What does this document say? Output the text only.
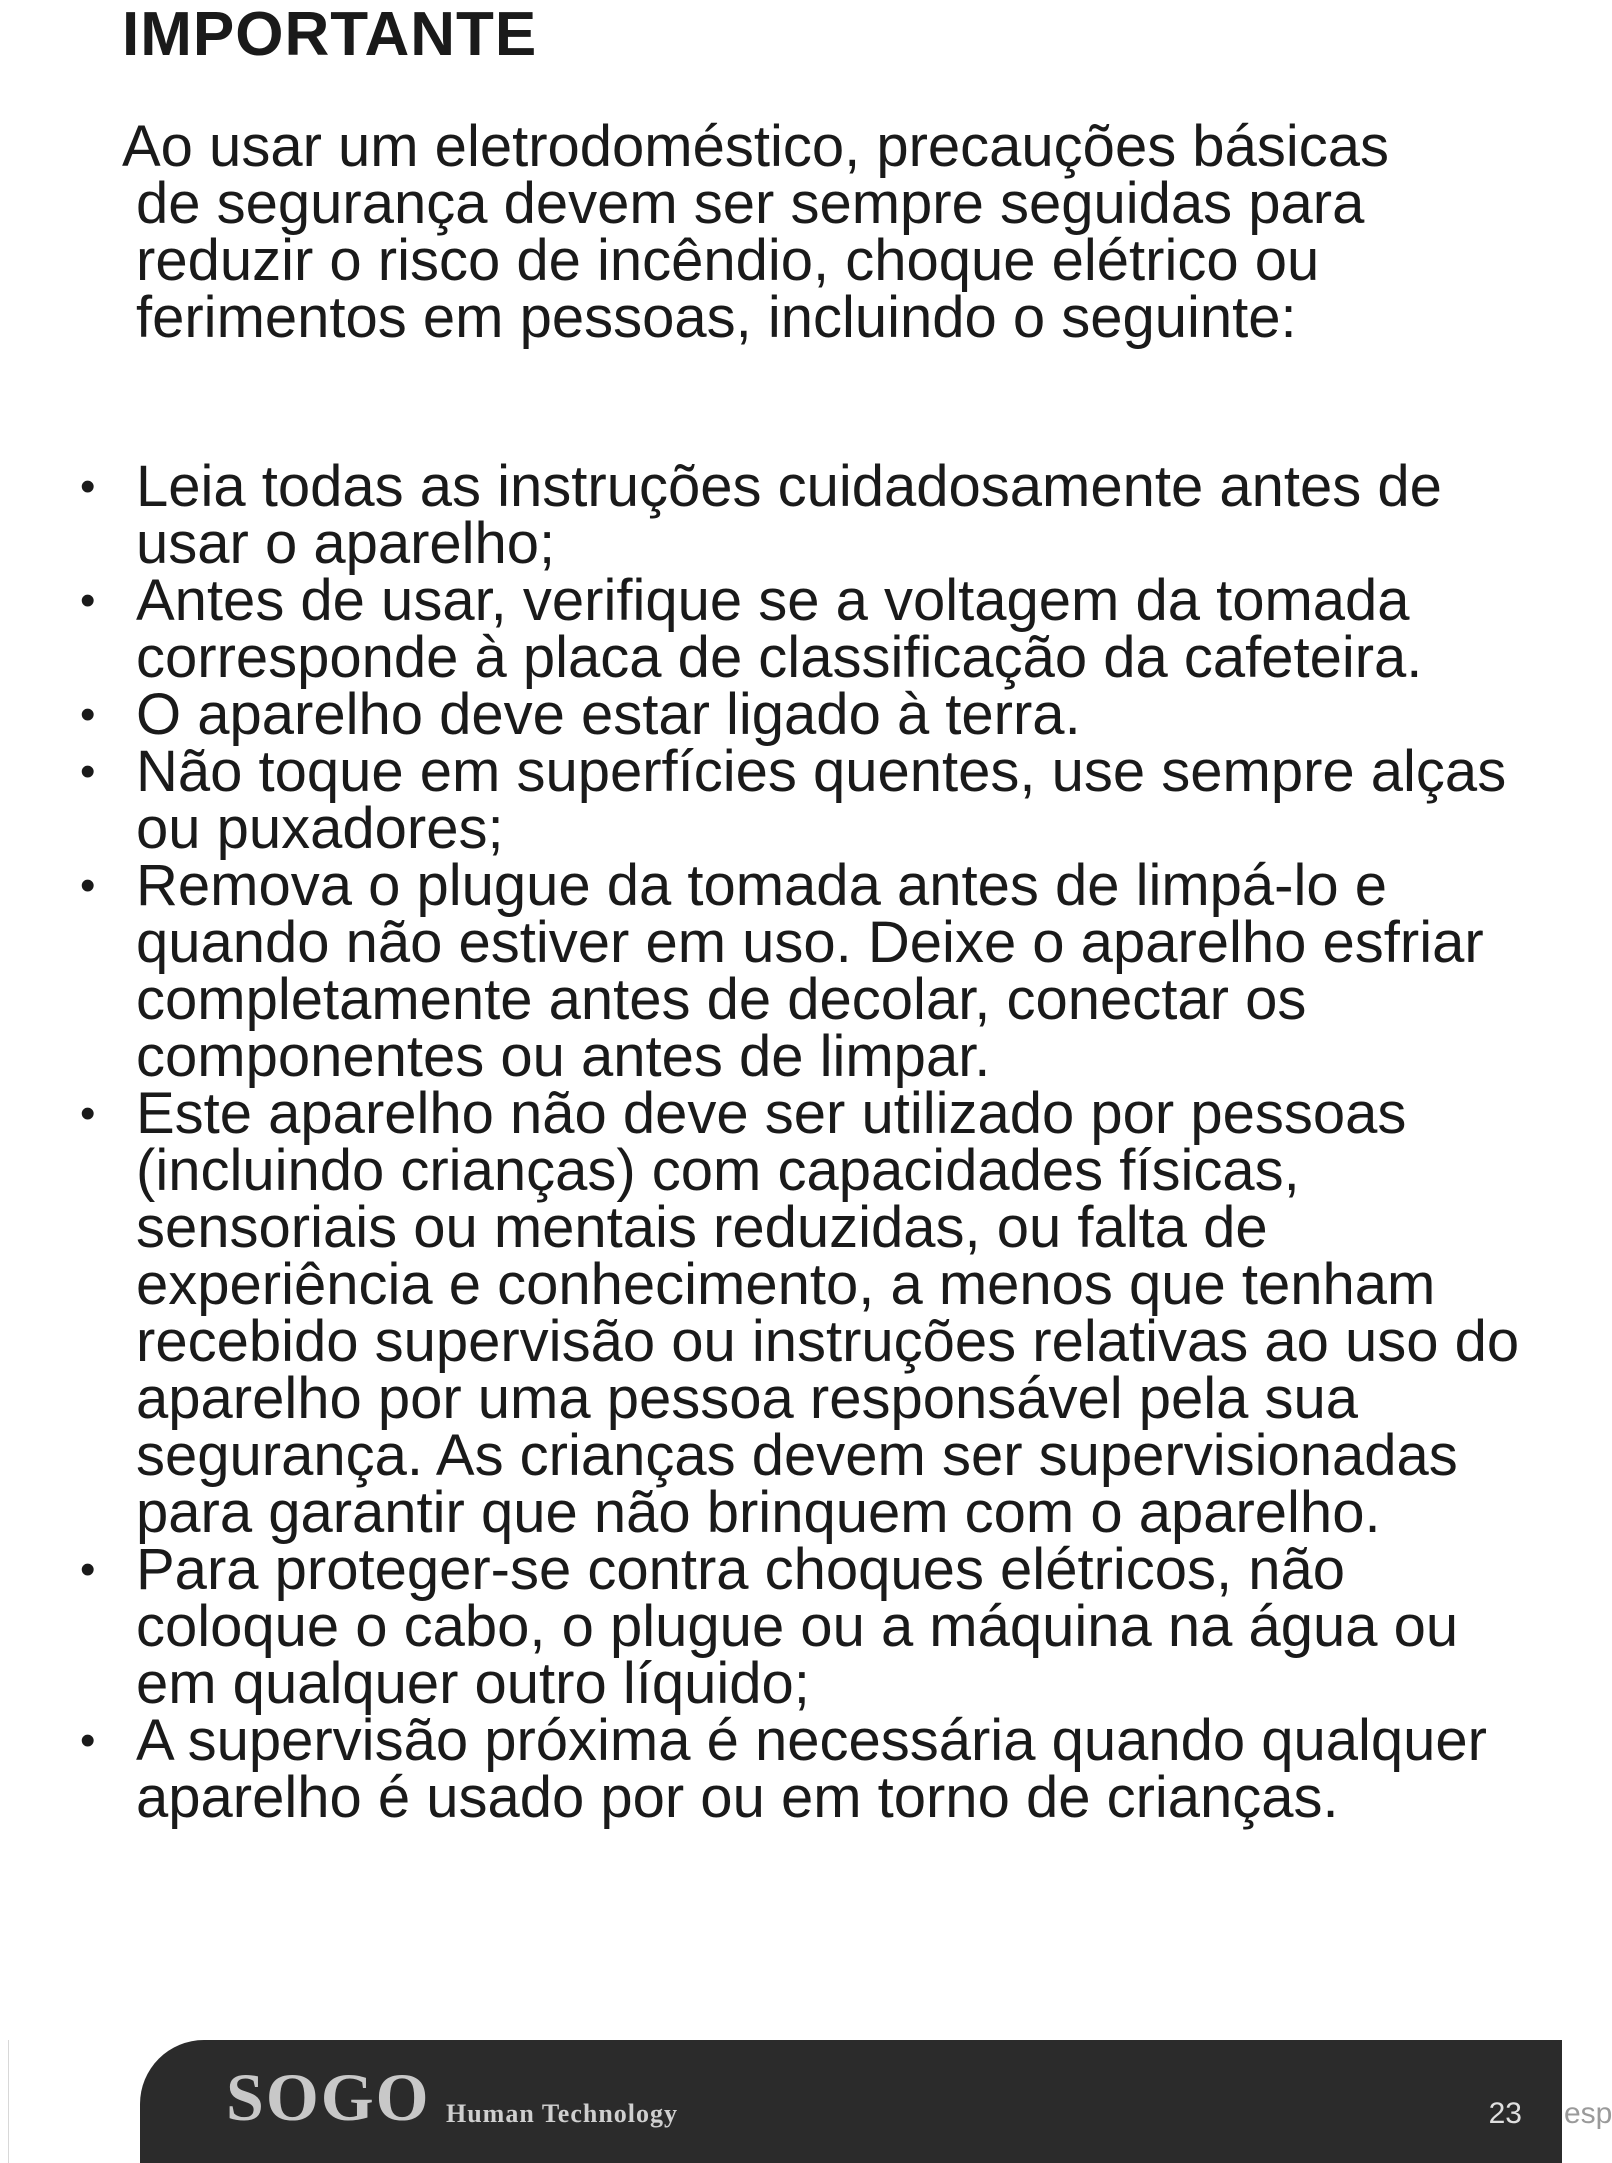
IMPORTANTE

Ao usar um eletrodoméstico, precauções básicas de segurança devem ser sempre seguidas para reduzir o risco de incêndio, choque elétrico ou ferimentos em pessoas, incluindo o seguinte:

• Leia todas as instruções cuidadosamente antes de usar o aparelho;
• Antes de usar, verifique se a voltagem da tomada corresponde à placa de classificação da cafeteira.
• O aparelho deve estar ligado à terra.
• Não toque em superfícies quentes, use sempre alças ou puxadores;
• Remova o plugue da tomada antes de limpá-lo e quando não estiver em uso. Deixe o aparelho esfriar completamente antes de decolar, conectar os componentes ou antes de limpar.
• Este aparelho não deve ser utilizado por pessoas (incluindo crianças) com capacidades físicas, sensoriais ou mentais reduzidas, ou falta de experiência e conhecimento, a menos que tenham recebido supervisão ou instruções relativas ao uso do aparelho por uma pessoa responsável pela sua segurança. As crianças devem ser supervisionadas para garantir que não brinquem com o aparelho.
• Para proteger-se contra choques elétricos, não coloque o cabo, o plugue ou a máquina na água ou em qualquer outro líquido;
• A supervisão próxima é necessária quando qualquer aparelho é usado por ou em torno de crianças.
SOGO Human Technology	23 esp
